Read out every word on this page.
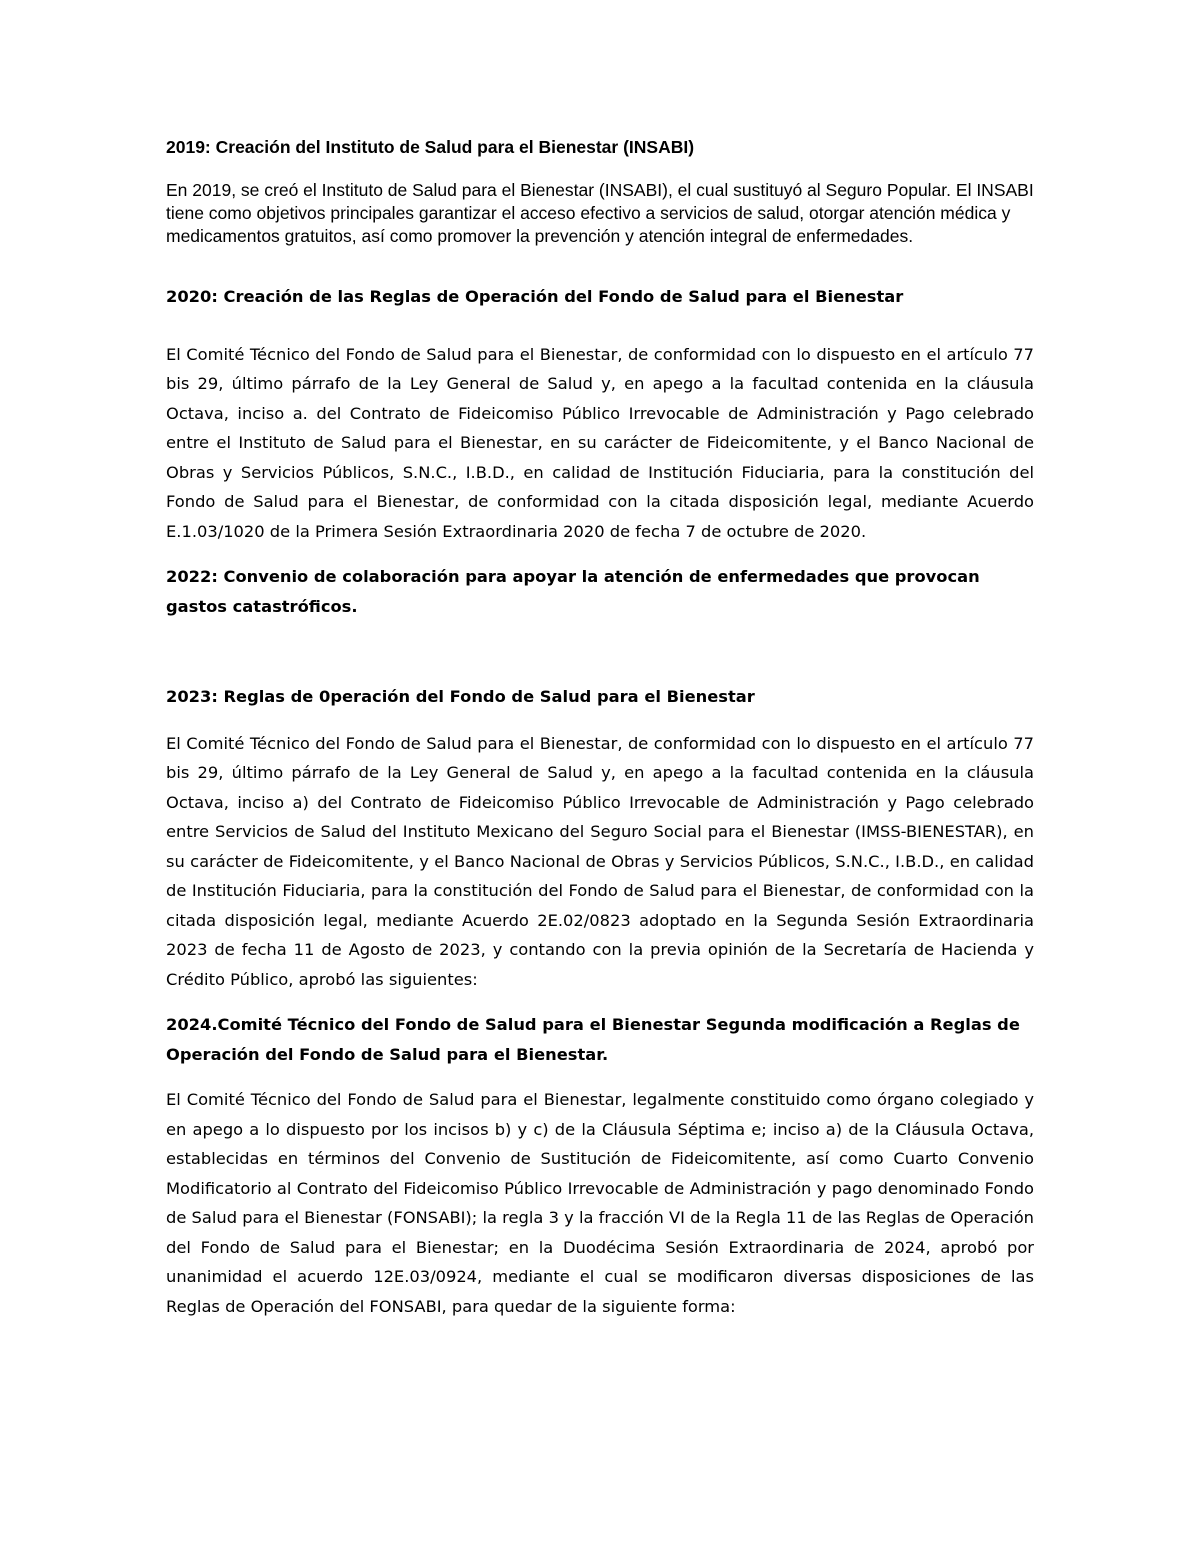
2019: Creación del Instituto de Salud para el Bienestar (INSABI)

En 2019, se creó el Instituto de Salud para el Bienestar (INSABI), el cual sustituyó al Seguro Popular. El INSABI tiene como objetivos principales garantizar el acceso efectivo a servicios de salud, otorgar atención médica y medicamentos gratuitos, así como promover la prevención y atención integral de enfermedades.

2020: Creación de las Reglas de Operación del Fondo de Salud para el Bienestar

El Comité Técnico del Fondo de Salud para el Bienestar, de conformidad con lo dispuesto en el artículo 77 bis 29, último párrafo de la Ley General de Salud y, en apego a la facultad contenida en la cláusula Octava, inciso a. del Contrato de Fideicomiso Público Irrevocable de Administración y Pago celebrado entre el Instituto de Salud para el Bienestar, en su carácter de Fideicomitente, y el Banco Nacional de Obras y Servicios Públicos, S.N.C., I.B.D., en calidad de Institución Fiduciaria, para la constitución del Fondo de Salud para el Bienestar, de conformidad con la citada disposición legal, mediante Acuerdo E.1.03/1020 de la Primera Sesión Extraordinaria 2020 de fecha 7 de octubre de 2020.

2022: Convenio de colaboración para apoyar la atención de enfermedades que provocan gastos catastróficos.
2023: Reglas de 0peración del Fondo de Salud para el Bienestar

El Comité Técnico del Fondo de Salud para el Bienestar, de conformidad con lo dispuesto en el artículo 77 bis 29, último párrafo de la Ley General de Salud y, en apego a la facultad contenida en la cláusula Octava, inciso a) del Contrato de Fideicomiso Público Irrevocable de Administración y Pago celebrado entre Servicios de Salud del Instituto Mexicano del Seguro Social para el Bienestar (IMSS-BIENESTAR), en su carácter de Fideicomitente, y el Banco Nacional de Obras y Servicios Públicos, S.N.C., I.B.D., en calidad de Institución Fiduciaria, para la constitución del Fondo de Salud para el Bienestar, de conformidad con la citada disposición legal, mediante Acuerdo 2E.02/0823 adoptado en la Segunda Sesión Extraordinaria 2023 de fecha 11 de Agosto de 2023, y contando con la previa opinión de la Secretaría de Hacienda y Crédito Público, aprobó las siguientes:

2024.Comité Técnico del Fondo de Salud para el Bienestar Segunda modificación a Reglas de Operación del Fondo de Salud para el Bienestar.

El Comité Técnico del Fondo de Salud para el Bienestar, legalmente constituido como órgano colegiado y en apego a lo dispuesto por los incisos b) y c) de la Cláusula Séptima e; inciso a) de la Cláusula Octava, establecidas en términos del Convenio de Sustitución de Fideicomitente, así como Cuarto Convenio Modificatorio al Contrato del Fideicomiso Público Irrevocable de Administración y pago denominado Fondo de Salud para el Bienestar (FONSABI); la regla 3 y la fracción VI de la Regla 11 de las Reglas de Operación del Fondo de Salud para el Bienestar; en la Duodécima Sesión Extraordinaria de 2024, aprobó por unanimidad el acuerdo 12E.03/0924, mediante el cual se modificaron diversas disposiciones de las Reglas de Operación del FONSABI, para quedar de la siguiente forma:
